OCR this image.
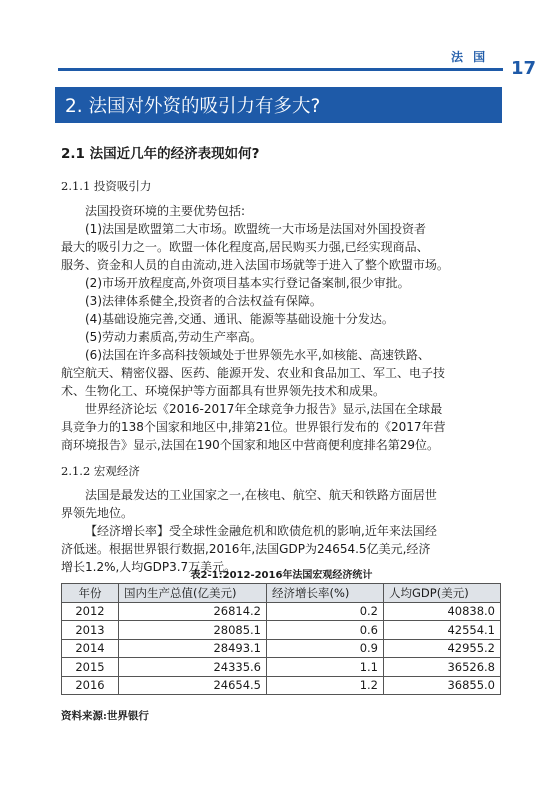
法 国
17
2. 法国对外资的吸引力有多大?
2.1 法国近几年的经济表现如何?
2.1.1 投资吸引力
法国投资环境的主要优势包括:
(1)法国是欧盟第二大市场。欧盟统一大市场是法国对外国投资者
最大的吸引力之一。欧盟一体化程度高,居民购买力强,已经实现商品、
服务、资金和人员的自由流动,进入法国市场就等于进入了整个欧盟市场。
(2)市场开放程度高,外资项目基本实行登记备案制,很少审批。
(3)法律体系健全,投资者的合法权益有保障。
(4)基础设施完善,交通、通讯、能源等基础设施十分发达。
(5)劳动力素质高,劳动生产率高。
(6)法国在许多高科技领域处于世界领先水平,如核能、高速铁路、
航空航天、精密仪器、医药、能源开发、农业和食品加工、军工、电子技
术、生物化工、环境保护等方面都具有世界领先技术和成果。
世界经济论坛《2016-2017年全球竞争力报告》显示,法国在全球最
具竞争力的138个国家和地区中,排第21位。世界银行发布的《2017年营
商环境报告》显示,法国在190个国家和地区中营商便利度排名第29位。
2.1.2 宏观经济
法国是最发达的工业国家之一,在核电、航空、航天和铁路方面居世
界领先地位。
【经济增长率】受全球性金融危机和欧债危机的影响,近年来法国经
济低迷。根据世界银行数据,2016年,法国GDP为24654.5亿美元,经济
增长1.2%,人均GDP3.7万美元。
表2-1:2012-2016年法国宏观经济统计
年份	国内生产总值(亿美元)	经济增长率(%)	人均GDP(美元)
2012	26814.2	0.2	40838.0
2013	28085.1	0.6	42554.1
2014	28493.1	0.9	42955.2
2015	24335.6	1.1	36526.8
2016	24654.5	1.2	36855.0
资料来源:世界银行
